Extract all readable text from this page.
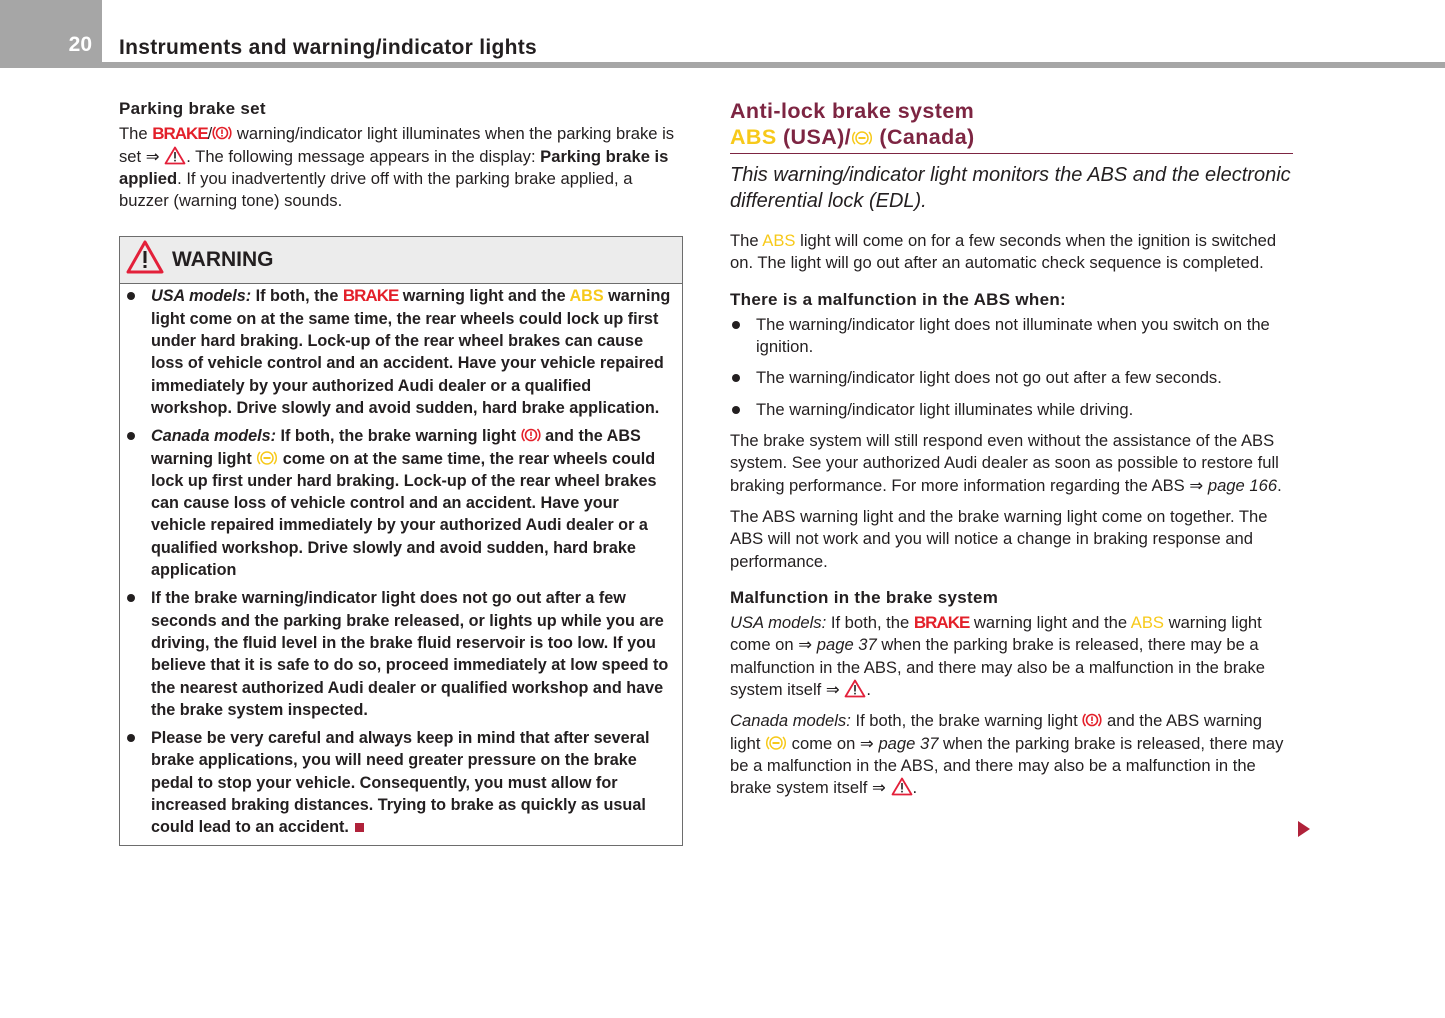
20 Instruments and warning/indicator lights
Parking brake set

The BRAKE/ warning/indicator light illuminates when the parking brake is set ⇒ . The following message appears in the display: Parking brake is applied. If you inadvertently drive off with the parking brake applied, a buzzer (warning tone) sounds.

WARNING

USA models: If both, the BRAKE warning light and the ABS warning light come on at the same time, the rear wheels could lock up first under hard braking. Lock-up of the rear wheel brakes can cause loss of vehicle control and an accident. Have your vehicle repaired immediately by your authorized Audi dealer or a qualified workshop. Drive slowly and avoid sudden, hard brake application.

Canada models: If both, the brake warning light  and the ABS warning light  come on at the same time, the rear wheels could lock up first under hard braking. Lock-up of the rear wheel brakes can cause loss of vehicle control and an accident. Have your vehicle repaired immediately by your authorized Audi dealer or a qualified workshop. Drive slowly and avoid sudden, hard brake application

If the brake warning/indicator light does not go out after a few seconds and the parking brake released, or lights up while you are driving, the fluid level in the brake fluid reservoir is too low. If you believe that it is safe to do so, proceed immediately at low speed to the nearest authorized Audi dealer or qualified workshop and have the brake system inspected.

Please be very careful and always keep in mind that after several brake applications, you will need greater pressure on the brake pedal to stop your vehicle. Consequently, you must allow for increased braking distances. Trying to brake as quickly as usual could lead to an accident.

Anti-lock brake system
ABS (USA)/ (Canada)
This warning/indicator light monitors the ABS and the electronic differential lock (EDL).

The ABS light will come on for a few seconds when the ignition is switched on. The light will go out after an automatic check sequence is completed.

There is a malfunction in the ABS when:

The warning/indicator light does not illuminate when you switch on the ignition.

The warning/indicator light does not go out after a few seconds.

The warning/indicator light illuminates while driving.

The brake system will still respond even without the assistance of the ABS system. See your authorized Audi dealer as soon as possible to restore full braking performance. For more information regarding the ABS ⇒ page 166.

The ABS warning light and the brake warning light come on together. The ABS will not work and you will notice a change in braking response and performance.

Malfunction in the brake system

USA models: If both, the BRAKE warning light and the ABS warning light come on ⇒ page 37 when the parking brake is released, there may be a malfunction in the ABS, and there may also be a malfunction in the brake system itself ⇒ .

Canada models: If both, the brake warning light  and the ABS warning light  come on ⇒ page 37 when the parking brake is released, there may be a malfunction in the ABS, and there may also be a malfunction in the brake system itself ⇒ .
